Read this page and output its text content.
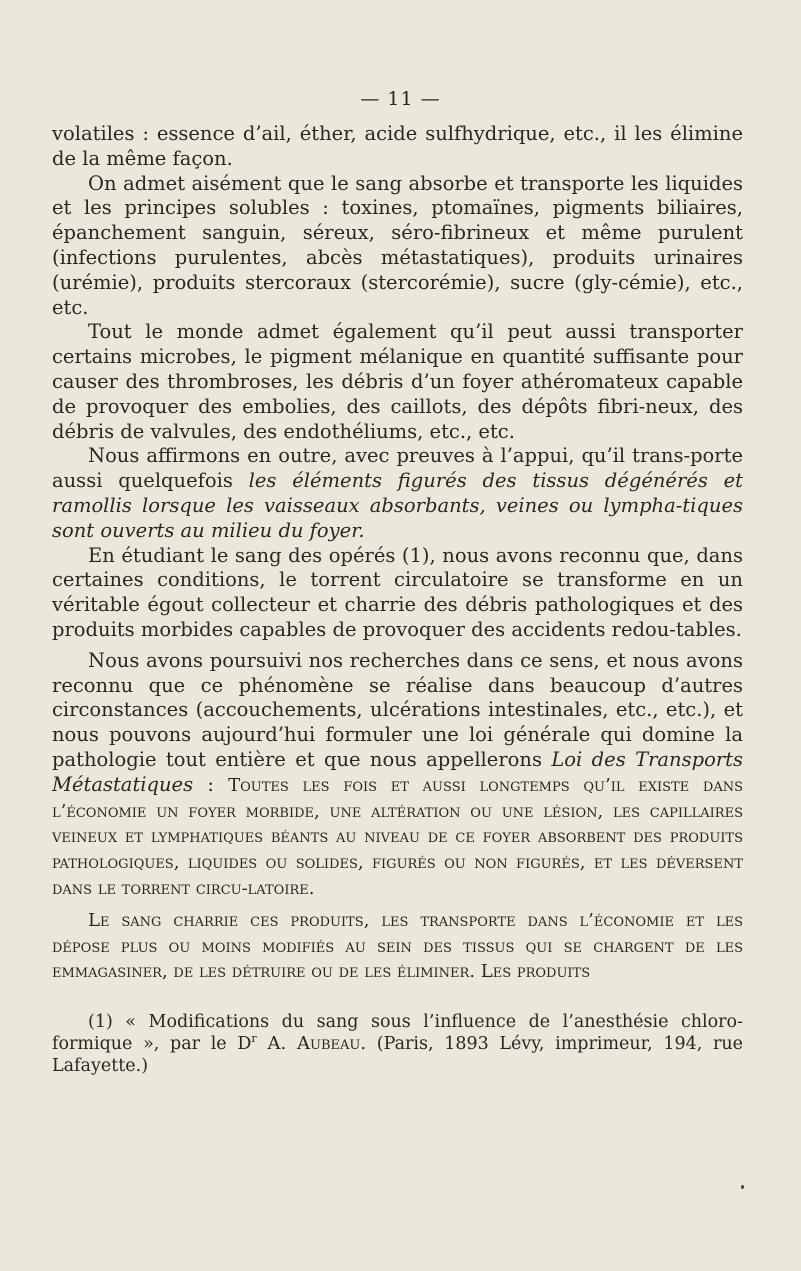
— 11 —

volatiles : essence d’ail, éther, acide sulfhydrique, etc., il les élimine de la même façon.

On admet aisément que le sang absorbe et transporte les liquides et les principes solubles : toxines, ptomaïnes, pigments biliaires, épanchement sanguin, séreux, séro-fibrineux et même purulent (infections purulentes, abcès métastatiques), produits urinaires (urémie), produits stercoraux (stercorémie), sucre (gly-cémie), etc., etc.

Tout le monde admet également qu’il peut aussi transporter certains microbes, le pigment mélanique en quantité suffisante pour causer des thrombroses, les débris d’un foyer athéromateux capable de provoquer des embolies, des caillots, des dépôts fibri-neux, des débris de valvules, des endothéliums, etc., etc.

Nous affirmons en outre, avec preuves à l’appui, qu’il trans-porte aussi quelquefois les éléments figurés des tissus dégénérés et ramollis lorsque les vaisseaux absorbants, veines ou lympha-tiques sont ouverts au milieu du foyer.

En étudiant le sang des opérés (1), nous avons reconnu que, dans certaines conditions, le torrent circulatoire se transforme en un véritable égout collecteur et charrie des débris pathologiques et des produits morbides capables de provoquer des accidents redou-tables.

Nous avons poursuivi nos recherches dans ce sens, et nous avons reconnu que ce phénomène se réalise dans beaucoup d’autres circonstances (accouchements, ulcérations intestinales, etc., etc.), et nous pouvons aujourd’hui formuler une loi générale qui domine la pathologie tout entière et que nous appellerons Loi des Transports Métastatiques : Toutes les fois et aussi longtemps qu’il existe dans l’économie un foyer morbide, une altération ou une lésion, les capillaires veineux et lymphatiques béants au niveau de ce foyer absorbent des produits pathologiques, liquides ou solides, figurés ou non figurés, et les déversent dans le torrent circu-latoire.

Le sang charrie ces produits, les transporte dans l’économie et les dépose plus ou moins modifiés au sein des tissus qui se chargent de les emmagasiner, de les détruire ou de les éliminer. Les produits

(1) « Modifications du sang sous l’influence de l’anesthésie chloro-formique », par le $D^r$ A. Aubeau. (Paris, 1893 Lévy, imprimeur, 194, rue Lafayette.)
